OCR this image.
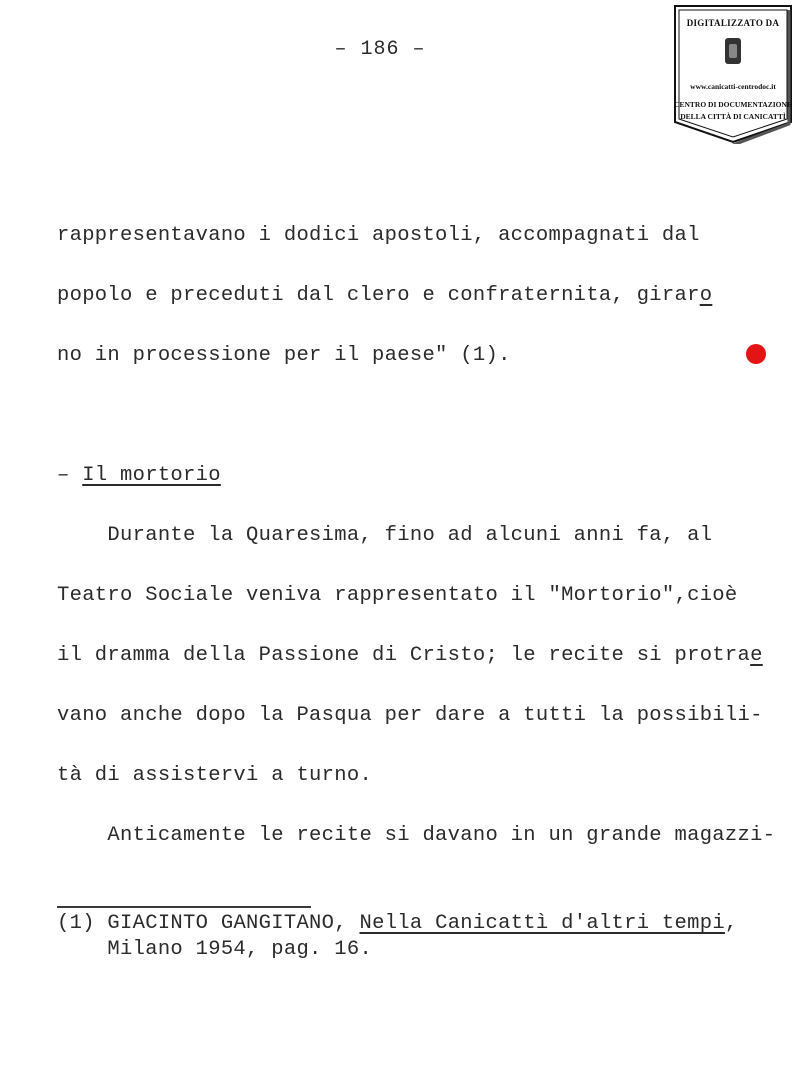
– 186 –
DIGITALIZZATO DA
www.canicatti-centrodoc.it
CENTRO DI DOCUMENTAZIONE
DELLA CITTÀ DI CANICATTÌ
rappresentavano i dodici apostoli, accompagnati dal
popolo e preceduti dal clero e confraternita, giraro
no in processione per il paese" (1).
– Il mortorio
Durante la Quaresima, fino ad alcuni anni fa, al
Teatro Sociale veniva rappresentato il "Mortorio",cioè
il dramma della Passione di Cristo; le recite si protrae
vano anche dopo la Pasqua per dare a tutti la possibili-
tà di assistervi a turno.
Anticamente le recite si davano in un grande magazzi-
(1) GIACINTO GANGITANO, Nella Canicattì d'altri tempi,
Milano 1954, pag. 16.
